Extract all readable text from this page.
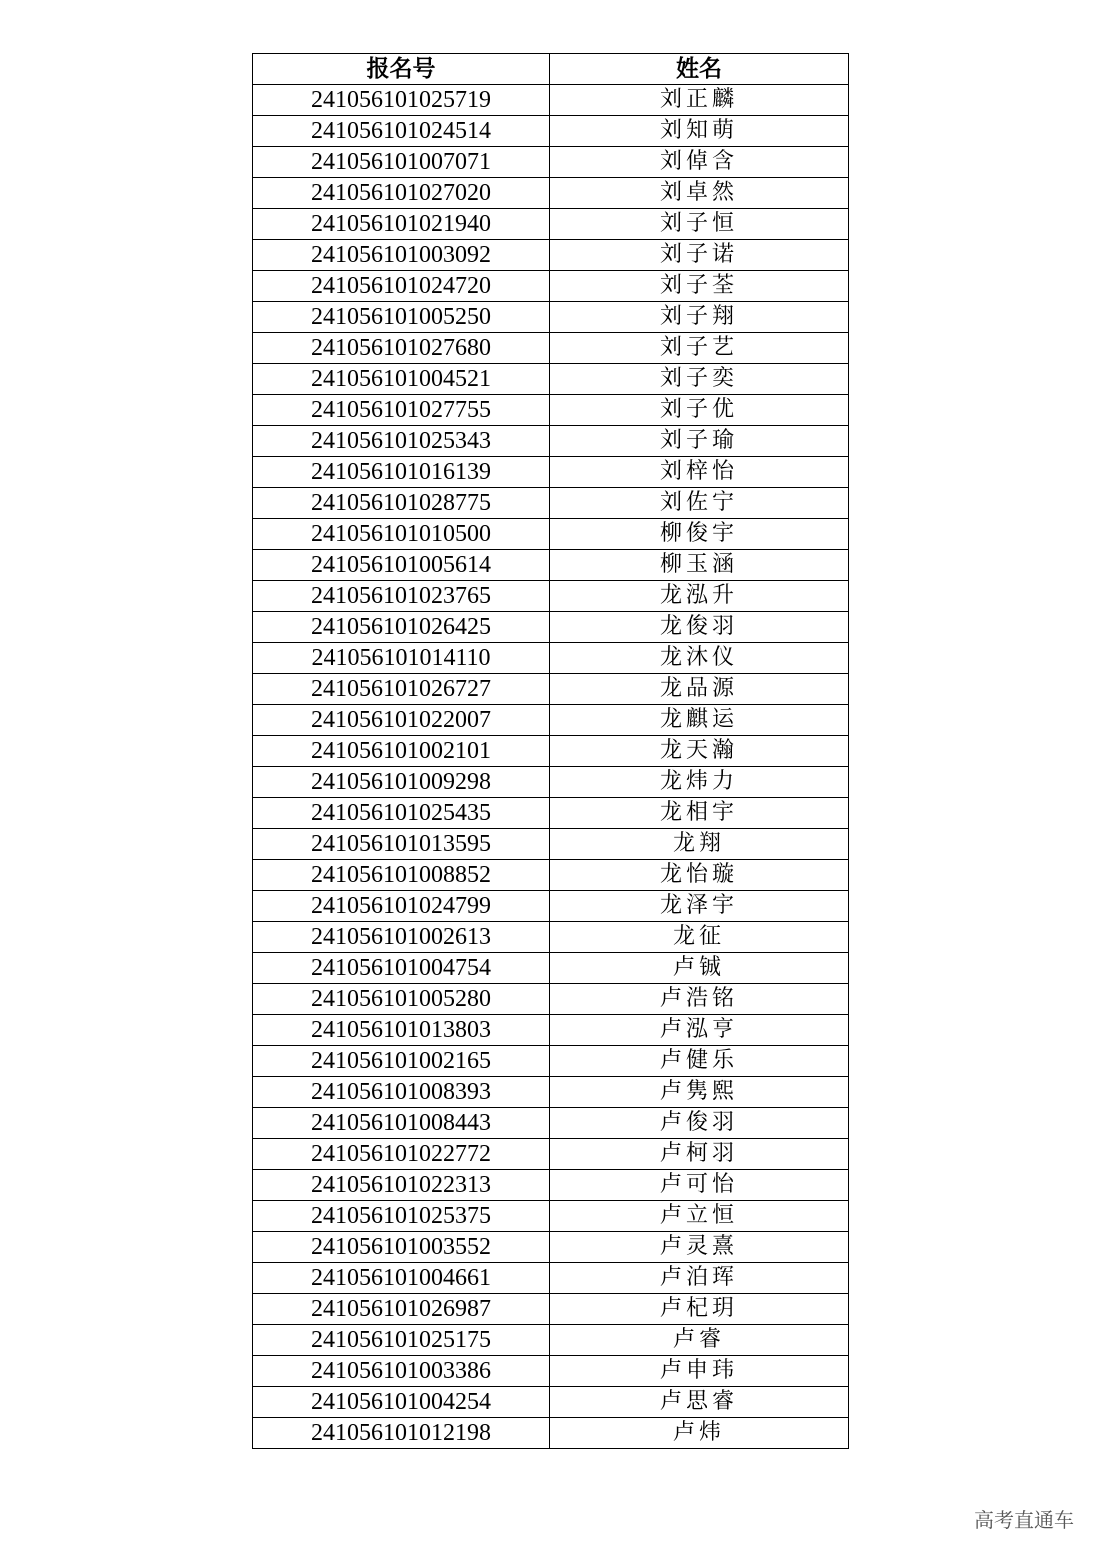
报名号	姓名
241056101025719	刘正麟
241056101024514	刘知萌
241056101007071	刘倬含
241056101027020	刘卓然
241056101021940	刘子恒
241056101003092	刘子诺
241056101024720	刘子荃
241056101005250	刘子翔
241056101027680	刘子艺
241056101004521	刘子奕
241056101027755	刘子优
241056101025343	刘子瑜
241056101016139	刘梓怡
241056101028775	刘佐宁
241056101010500	柳俊宇
241056101005614	柳玉涵
241056101023765	龙泓升
241056101026425	龙俊羽
241056101014110	龙沐仪
241056101026727	龙品源
241056101022007	龙麒运
241056101002101	龙天瀚
241056101009298	龙炜力
241056101025435	龙相宇
241056101013595	龙翔
241056101008852	龙怡璇
241056101024799	龙泽宇
241056101002613	龙征
241056101004754	卢铖
241056101005280	卢浩铭
241056101013803	卢泓亨
241056101002165	卢健乐
241056101008393	卢隽熙
241056101008443	卢俊羽
241056101022772	卢柯羽
241056101022313	卢可怡
241056101025375	卢立恒
241056101003552	卢灵熹
241056101004661	卢泊珲
241056101026987	卢杞玥
241056101025175	卢睿
241056101003386	卢申玮
241056101004254	卢思睿
241056101012198	卢炜
高考直通车
